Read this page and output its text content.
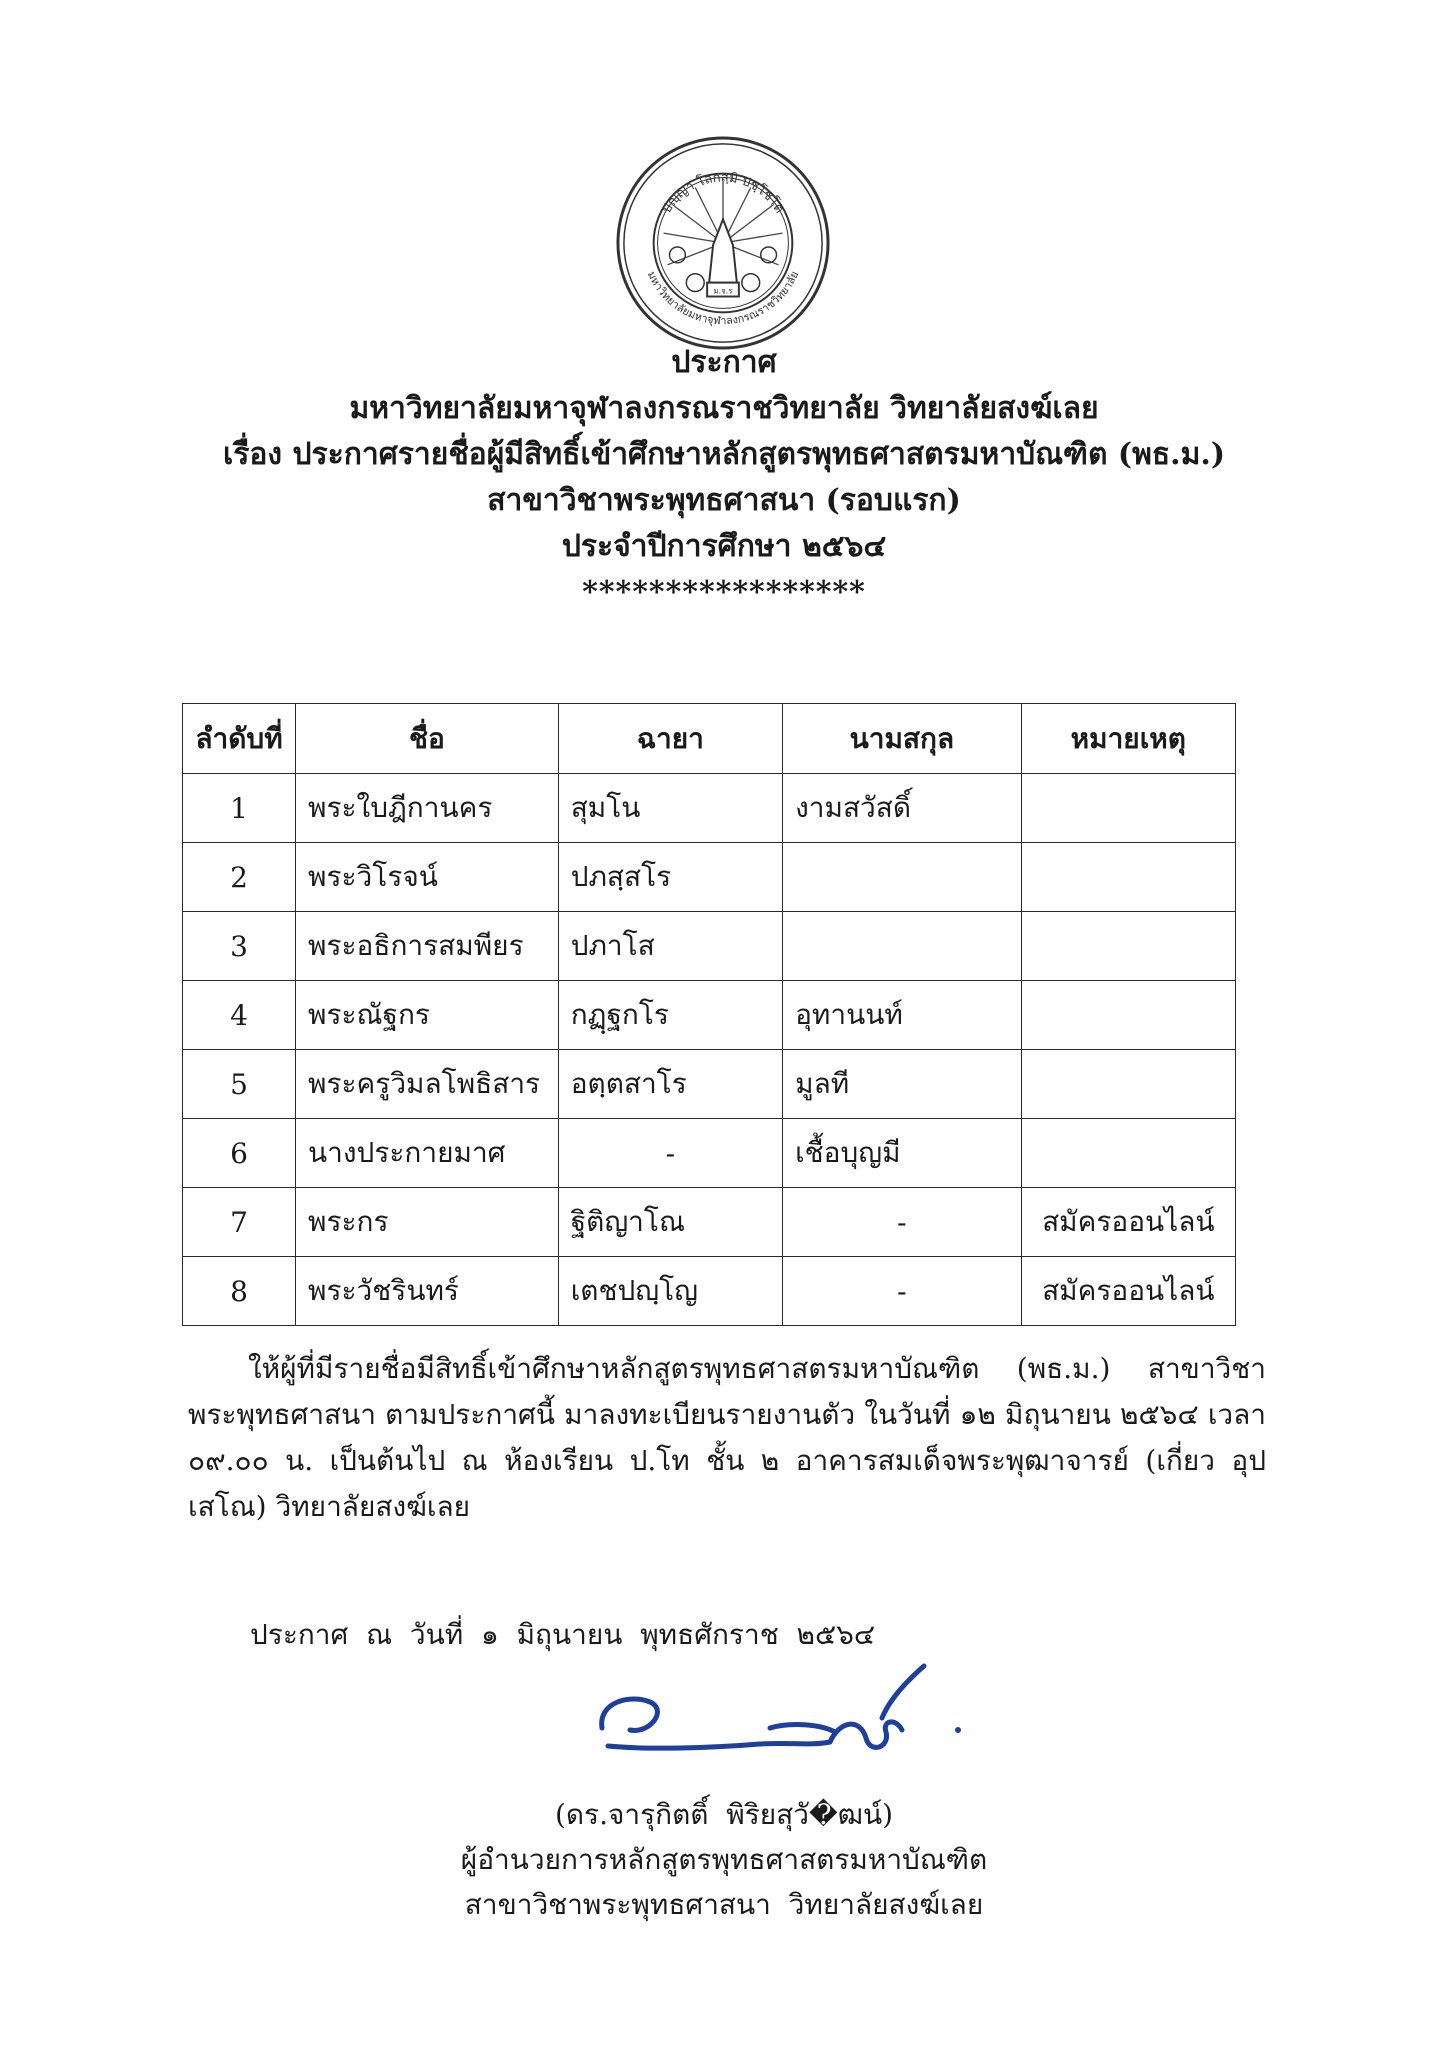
ม.จ.ร
ปญฺญา โลกสฺมิ ปชฺโชโต
มหาวิทยาลัยมหาจุฬาลงกรณราชวิทยาลัย
ประกาศ
มหาวิทยาลัยมหาจุฬาลงกรณราชวิทยาลัย วิทยาลัยสงฆ์เลย
เรื่อง ประกาศรายชื่อผู้มีสิทธิ์เข้าศึกษาหลักสูตรพุทธศาสตรมหาบัณฑิต (พธ.ม.)
สาขาวิชาพระพุทธศาสนา (รอบแรก)
ประจำปีการศึกษา ๒๕๖๔
*****************
ลำดับที่	ชื่อ	ฉายา	นามสกุล	หมายเหตุ
1	พระใบฎีกานคร	สุมโน	งามสวัสดิ์	
2	พระวิโรจน์	ปภสฺสโร		
3	พระอธิการสมพียร	ปภาโส		
4	พระณัฐกร	กฏฺฐกโร	อุทานนท์	
5	พระครูวิมลโพธิสาร	อตฺตสาโร	มูลที	
6	นางประกายมาศ	-	เชื้อบุญมี	
7	พระกร	ฐิติญาโณ	-	สมัครออนไลน์
8	พระวัชรินทร์	เตชปญฺโญ	-	สมัครออนไลน์
ให้ผู้ที่มีรายชื่อมีสิทธิ์เข้าศึกษาหลักสูตรพุทธศาสตรมหาบัณฑิต (พธ.ม.) สาขาวิชาพระพุทธศาสนา ตามประกาศนี้ มาลงทะเบียนรายงานตัว ในวันที่ ๑๒ มิถุนายน ๒๕๖๔ เวลา ๐๙.๐๐ น. เป็นต้นไป ณ ห้องเรียน ป.โท ชั้น ๒ อาคารสมเด็จพระพุฒาจารย์ (เกี่ยว อุปเสโณ) วิทยาลัยสงฆ์เลย
ประกาศ  ณ  วันที่  ๑  มิถุนายน  พุทธศักราช  ๒๕๖๔
(ดร.จารุกิตติ์  พิริยสุวั�ฒน์)
ผู้อำนวยการหลักสูตรพุทธศาสตรมหาบัณฑิต
สาขาวิชาพระพุทธศาสนา  วิทยาลัยสงฆ์เลย
